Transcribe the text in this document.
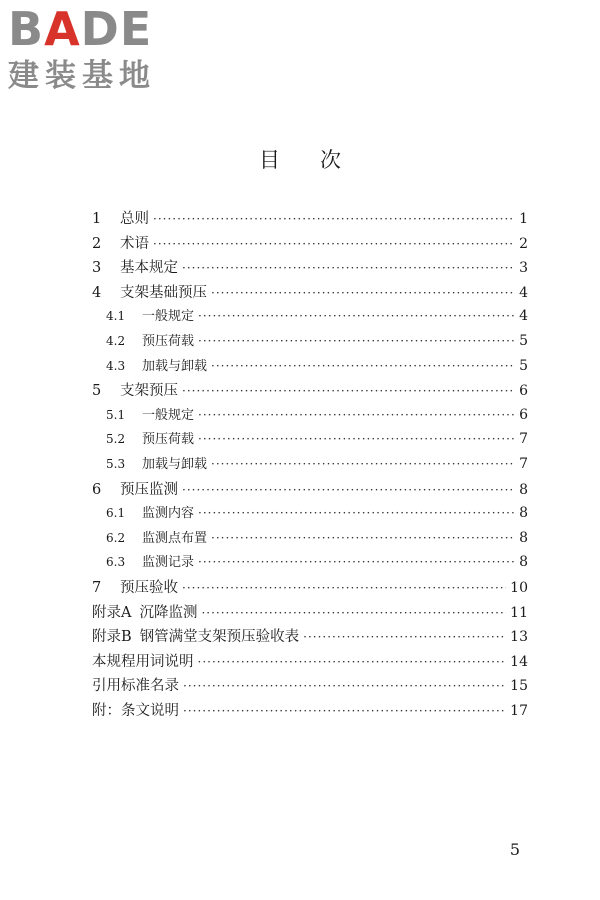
BADE
建装基地
目次
1 总则 ·····	1
2 术语 ·····	2
3 基本规定 ·····	3
4 支架基础预压 ·····	4
4.1 一般规定 ·····	4
4.2 预压荷载 ·····	5
4.3 加载与卸载 ·····	5
5 支架预压 ·····	6
5.1 一般规定 ·····	6
5.2 预压荷载 ·····	7
5.3 加载与卸载 ·····	7
6 预压监测 ·····	8
6.1 监测内容 ·····	8
6.2 监测点布置 ·····	8
6.3 监测记录 ·····	8
7 预压验收 ·····	10
附录A 沉降监测 ·····	11
附录B 钢管满堂支架预压验收表 ·····	13
本规程用词说明 ·····	14
引用标准名录 ·····	15
附：条文说明 ·····	17
5
